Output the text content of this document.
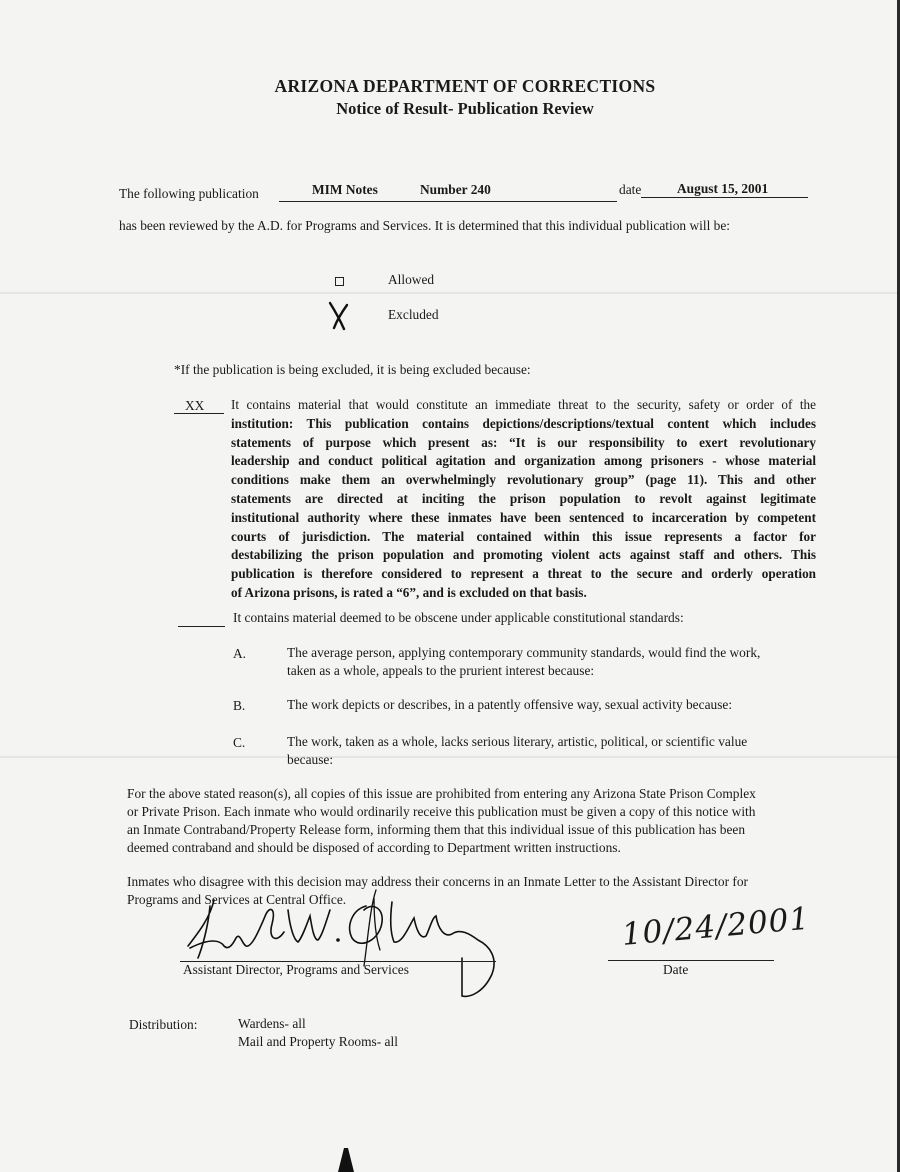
ARIZONA DEPARTMENT OF CORRECTIONS
Notice of Result- Publication Review
The following publication	MIM Notes	Number 240	date	August 15, 2001
has been reviewed by the A.D. for Programs and Services. It is determined that this individual publication will be:
Allowed
Excluded
*If the publication is being excluded, it is being excluded because:
XX It contains material that would constitute an immediate threat to the security, safety or order of the
institution: This publication contains depictions/descriptions/textual content which includes
statements of purpose which present as: “It is our responsibility to exert revolutionary
leadership and conduct political agitation and organization among prisoners - whose material
conditions make them an overwhelmingly revolutionary group” (page 11). This and other
statements are directed at inciting the prison population to revolt against legitimate
institutional authority where these inmates have been sentenced to incarceration by competent
courts of jurisdiction. The material contained within this issue represents a factor for
destabilizing the prison population and promoting violent acts against staff and others. This
publication is therefore considered to represent a threat to the secure and orderly operation
of Arizona prisons, is rated a “6”, and is excluded on that basis.
It contains material deemed to be obscene under applicable constitutional standards:
A.	The average person, applying contemporary community standards, would find the work,
taken as a whole, appeals to the prurient interest because:
B.	The work depicts or describes, in a patently offensive way, sexual activity because:
C.	The work, taken as a whole, lacks serious literary, artistic, political, or scientific value
because:
For the above stated reason(s), all copies of this issue are prohibited from entering any Arizona State Prison Complex
or Private Prison. Each inmate who would ordinarily receive this publication must be given a copy of this notice with
an Inmate Contraband/Property Release form, informing them that this individual issue of this publication has been
deemed contraband and should be disposed of according to Department written instructions.
Inmates who disagree with this decision may address their concerns in an Inmate Letter to the Assistant Director for
Programs and Services at Central Office.
Assistant Director, Programs and Services
10/24/2001
Date
Distribution:	Wardens- all
Mail and Property Rooms- all
